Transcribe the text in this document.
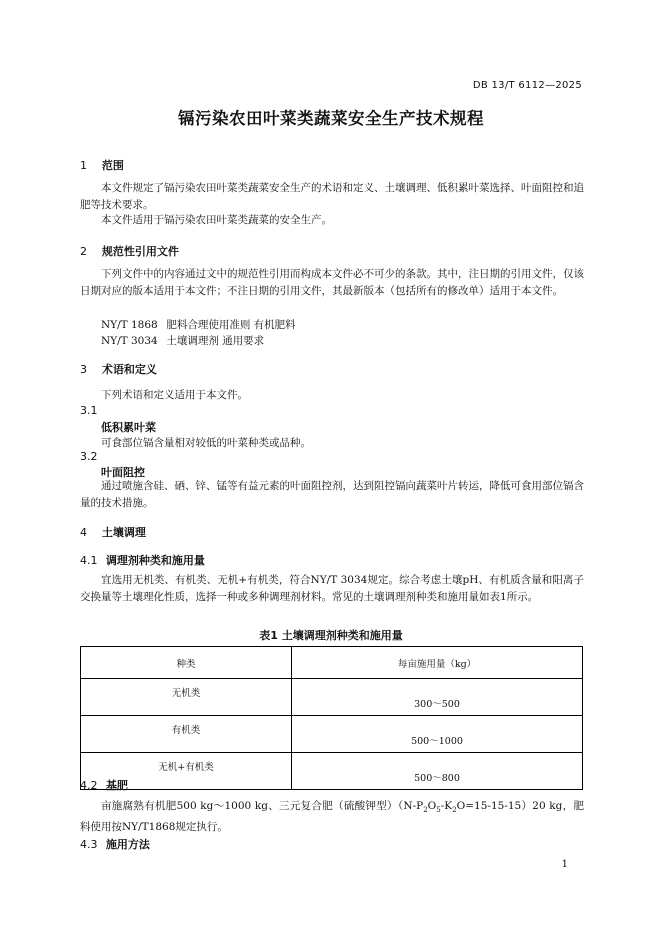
DB 13/T 6112—2025
镉污染农田叶菜类蔬菜安全生产技术规程
1 范围
本文件规定了镉污染农田叶菜类蔬菜安全生产的术语和定义、土壤调理、低积累叶菜选择、叶面阻控和追肥等技术要求。
本文件适用于镉污染农田叶菜类蔬菜的安全生产。
2 规范性引用文件
下列文件中的内容通过文中的规范性引用而构成本文件必不可少的条款。其中，注日期的引用文件，仅该日期对应的版本适用于本文件；不注日期的引用文件，其最新版本（包括所有的修改单）适用于本文件。
NY/T 1868 肥料合理使用准则 有机肥料
NY/T 3034 土壤调理剂 通用要求
3 术语和定义
下列术语和定义适用于本文件。
3.1
低积累叶菜
可食部位镉含量相对较低的叶菜种类或品种。
3.2
叶面阻控
通过喷施含硅、硒、锌、锰等有益元素的叶面阻控剂，达到阻控镉向蔬菜叶片转运，降低可食用部位镉含量的技术措施。
4 土壤调理
4.1 调理剂种类和施用量
宜选用无机类、有机类、无机+有机类，符合NY/T 3034规定。综合考虑土壤pH、有机质含量和阳离子交换量等土壤理化性质，选择一种或多种调理剂材料。常见的土壤调理剂种类和施用量如表1所示。
表1 土壤调理剂种类和施用量
种类	每亩施用量（kg）
无机类	300～500
有机类	500～1000
无机+有机类	500～800
4.2 基肥
亩施腐熟有机肥500 kg～1000 kg、三元复合肥（硫酸钾型）$(N-P_2O_5-K_2O=15-15-15)20$ kg，肥料使用按NY/T1868规定执行。
4.3 施用方法
1
